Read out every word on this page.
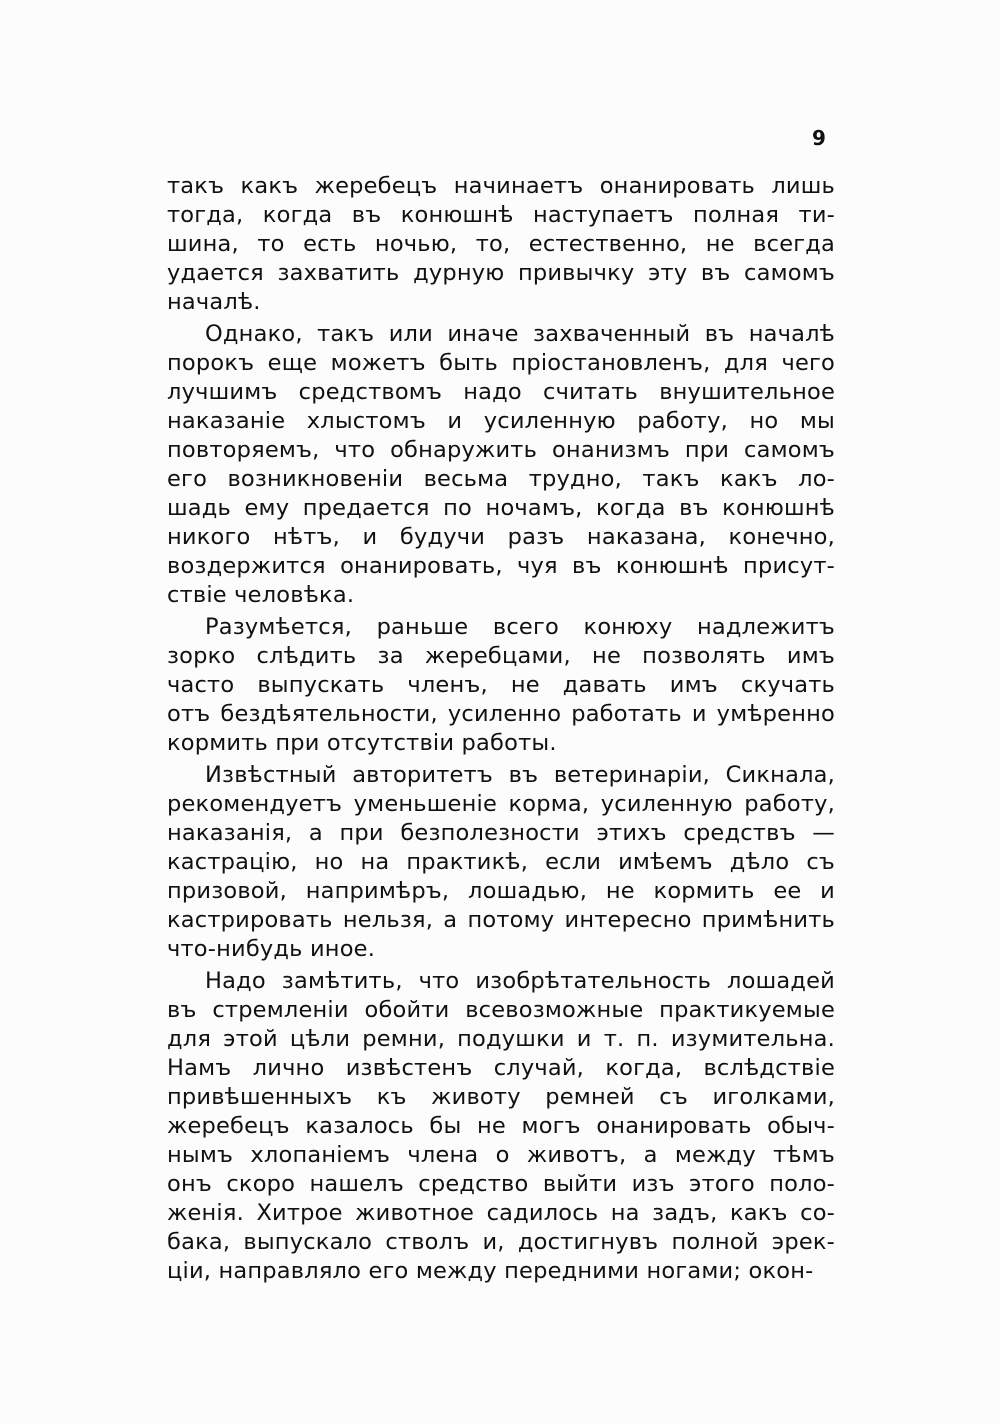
9
такъ какъ жеребецъ начинаетъ онанировать лишь
тогда, когда въ конюшнѣ наступаетъ полная ти-
шина, то есть ночью, то, естественно, не всегда
удается захватить дурную привычку эту въ самомъ
началѣ.
Однако, такъ или иначе захваченный въ началѣ
порокъ еще можетъ быть пріостановленъ, для чего
лучшимъ средствомъ надо считать внушительное
наказаніе хлыстомъ и усиленную работу, но мы
повторяемъ, что обнаружить онанизмъ при самомъ
его возникновеніи весьма трудно, такъ какъ ло-
шадь ему предается по ночамъ, когда въ конюшнѣ
никого нѣтъ, и будучи разъ наказана, конечно,
воздержится онанировать, чуя въ конюшнѣ присут-
ствіе человѣка.
Разумѣется, раньше всего конюху надлежитъ
зорко слѣдить за жеребцами, не позволять имъ
часто выпускать членъ, не давать имъ скучать
отъ бездѣятельности, усиленно работать и умѣренно
кормить при отсутствіи работы.
Извѣстный авторитетъ въ ветеринаріи, Сикнала,
рекомендуетъ уменьшеніе корма, усиленную работу,
наказанія, а при безполезности этихъ средствъ —
кастрацію, но на практикѣ, если имѣемъ дѣло съ
призовой, напримѣръ, лошадью, не кормить ее и
кастрировать нельзя, а потому интересно примѣнить
что-нибудь иное.
Надо замѣтить, что изобрѣтательность лошадей
въ стремленіи обойти всевозможные практикуемые
для этой цѣли ремни, подушки и т. п. изумительна.
Намъ лично извѣстенъ случай, когда, вслѣдствіе
привѣшенныхъ къ животу ремней съ иголками,
жеребецъ казалось бы не могъ онанировать обыч-
нымъ хлопаніемъ члена о животъ, а между тѣмъ
онъ скоро нашелъ средство выйти изъ этого поло-
женія. Хитрое животное садилось на задъ, какъ со-
бака, выпускало стволъ и, достигнувъ полной эрек-
ціи, направляло его между передними ногами; окон-
